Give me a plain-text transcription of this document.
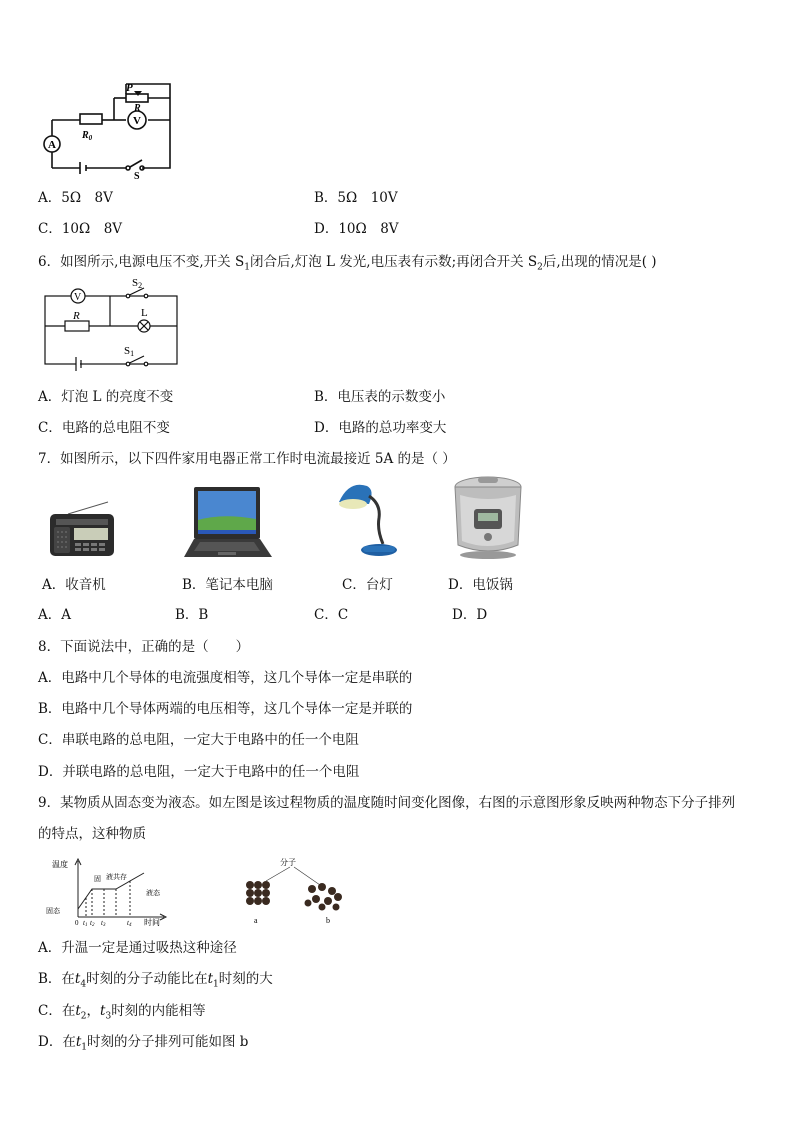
P
R
V
A
$R_0$
S
A．5Ω　8V	B．5Ω　10V
C．10Ω　8V	D．10Ω　8V
6．如图所示,电源电压不变,开关 $S_1$闭合后,灯泡 L 发光,电压表有示数;再闭合开关 $S_2$后,出现的情况是( )
V
S2
R	L
S1
A．灯泡 L 的亮度不变	B．电压表的示数变小
C．电路的总电阻不变	D．电路的总功率变大
7．如图所示，以下四件家用电器正常工作时电流最接近 5A 的是（ ）
A．收音机	B．笔记本电脑	C．台灯	D．电饭锅
A．A	B．B	C．C	D．D
8．下面说法中，正确的是（　　）
A．电路中几个导体的电流强度相等，这几个导体一定是串联的
B．电路中几个导体两端的电压相等，这几个导体一定是并联的
C．串联电路的总电阻，一定大于电路中的任一个电阻
D．并联电路的总电阻，一定大于电路中的任一个电阻
9．某物质从固态变为液态。如左图是该过程物质的温度随时间变化图像，右图的示意图形象反映两种物态下分子排列
的特点，这种物质
温度
时间
固态
固 液共存
液态
0 t1 t2 t3	t4
分子
a	b
A．升温一定是通过吸热这种途径
B．在$t_4$时刻的分子动能比在$t_1$时刻的大
C．在$t_2$，$t_3$时刻的内能相等
D．在$t_1$时刻的分子排列可能如图 b
